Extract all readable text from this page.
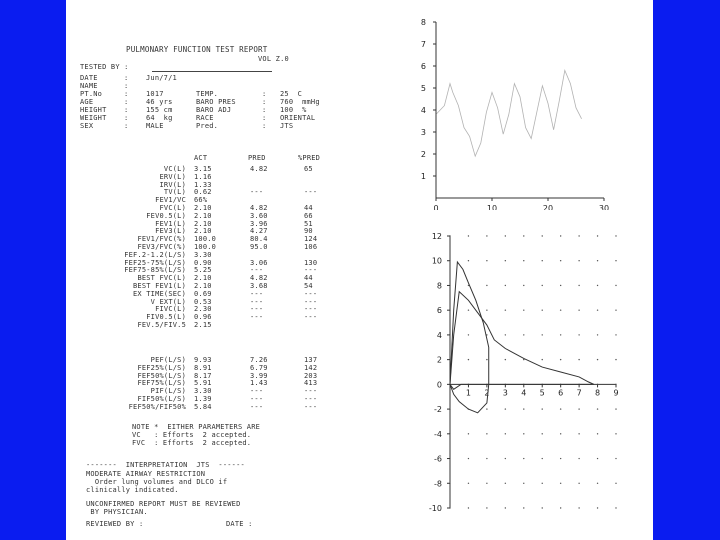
PULMONARY FUNCTION TEST REPORT
VOL Z.0
TESTED BY :
DATE	:	Jun/7/1
NAME	:
PT.No	:	1017	TEMP.	: 25  C
AGE	:	46 yrs	BARO PRES	: 760  mmHg
HEIGHT	:	155 cm	BARO ADJ	: 100  %
WEIGHT	:	64  kg	RACE	: ORIENTAL
SEX	:	MALE	Pred.	: JTS
ACT	PRED	%PRED
VC(L) 3.15	4.82	65
ERV(L) 1.16
IRV(L) 1.33
TV(L) 0.62	---	---
FEV1/VC 66%
FVC(L) 2.10	4.82	44
FEV0.5(L) 2.10	3.60	66
FEV1(L) 2.10	3.96	51
FEV3(L) 2.10	4.27	90
FEV1/FVC(%) 100.0	80.4	124
FEV3/FVC(%) 100.0	95.0	106
FEF.2-1.2(L/S) 3.30
FEF25-75%(L/S) 0.90	3.06	130
FEF75-85%(L/S) 5.25	---	---
BEST FVC(L) 2.10	4.82	44
BEST FEV1(L) 2.10	3.68	54
EX TIME(SEC) 0.69	---	---
V EXT(L) 0.53	---	---
FIVC(L) 2.30	---	---
FIV0.5(L) 0.96	---	---
FEV.5/FIV.5 2.15
PEF(L/S) 9.93	7.26	137
FEF25%(L/S) 8.91	6.79	142
FEF50%(L/S) 8.17	3.99	203
FEF75%(L/S) 5.91	1.43	413
PIF(L/S) 3.30	---	---
FIF50%(L/S) 1.39	---	---
FEF50%/FIF50% 5.84	---	---
NOTE *  EITHER PARAMETERS ARE
VC   : Efforts  2 accepted.
FVC  : Efforts  2 accepted.
-------  INTERPRETATION  JTS  ------
MODERATE AIRWAY RESTRICTION
Order lung volumes and DLCO if
clinically indicated.
UNCONFIRMED REPORT MUST BE REVIEWED
BY PHYSICIAN.
REVIEWED BY :	DATE :
1
2
3
4
5
6
7
8
0	10	20	30
12
10
8
6
4
2
0
-2
-4
-6
-8
-10
1 2 3 4 5 6 7 8 9
